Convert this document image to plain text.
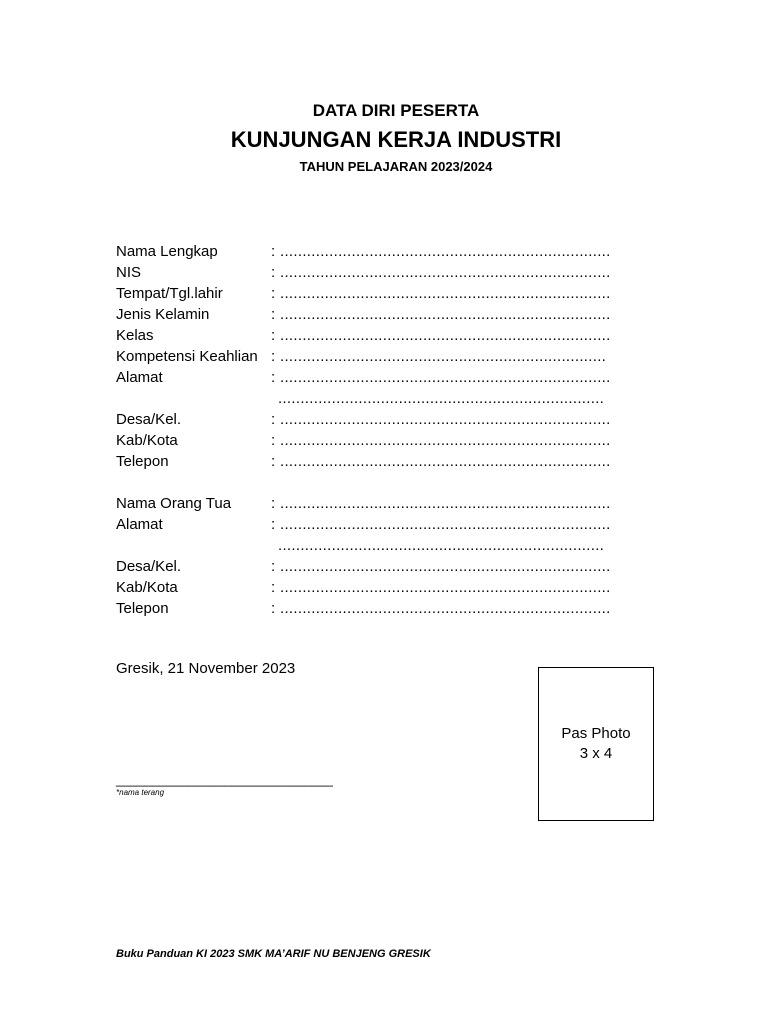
DATA DIRI PESERTA
KUNJUNGAN KERJA INDUSTRI
TAHUN PELAJARAN 2023/2024
Nama Lengkap	: ..........................................................................
NIS	: ..........................................................................
Tempat/Tgl.lahir	: ..........................................................................
Jenis Kelamin	: ..........................................................................
Kelas	: ..........................................................................
Kompetensi Keahlian : .........................................................................
Alamat	: ..........................................................................
.........................................................................
Desa/Kel.	: ..........................................................................
Kab/Kota	: ..........................................................................
Telepon	: ..........................................................................
Nama Orang Tua	: ..........................................................................
Alamat	: ..........................................................................
.........................................................................
Desa/Kel.	: ..........................................................................
Kab/Kota	: ..........................................................................
Telepon	: ..........................................................................
Gresik, 21 November 2023
Pas Photo
3 x 4
______________________________
*nama terang
Buku Panduan KI 2023 SMK MA’ARIF NU BENJENG GRESIK
